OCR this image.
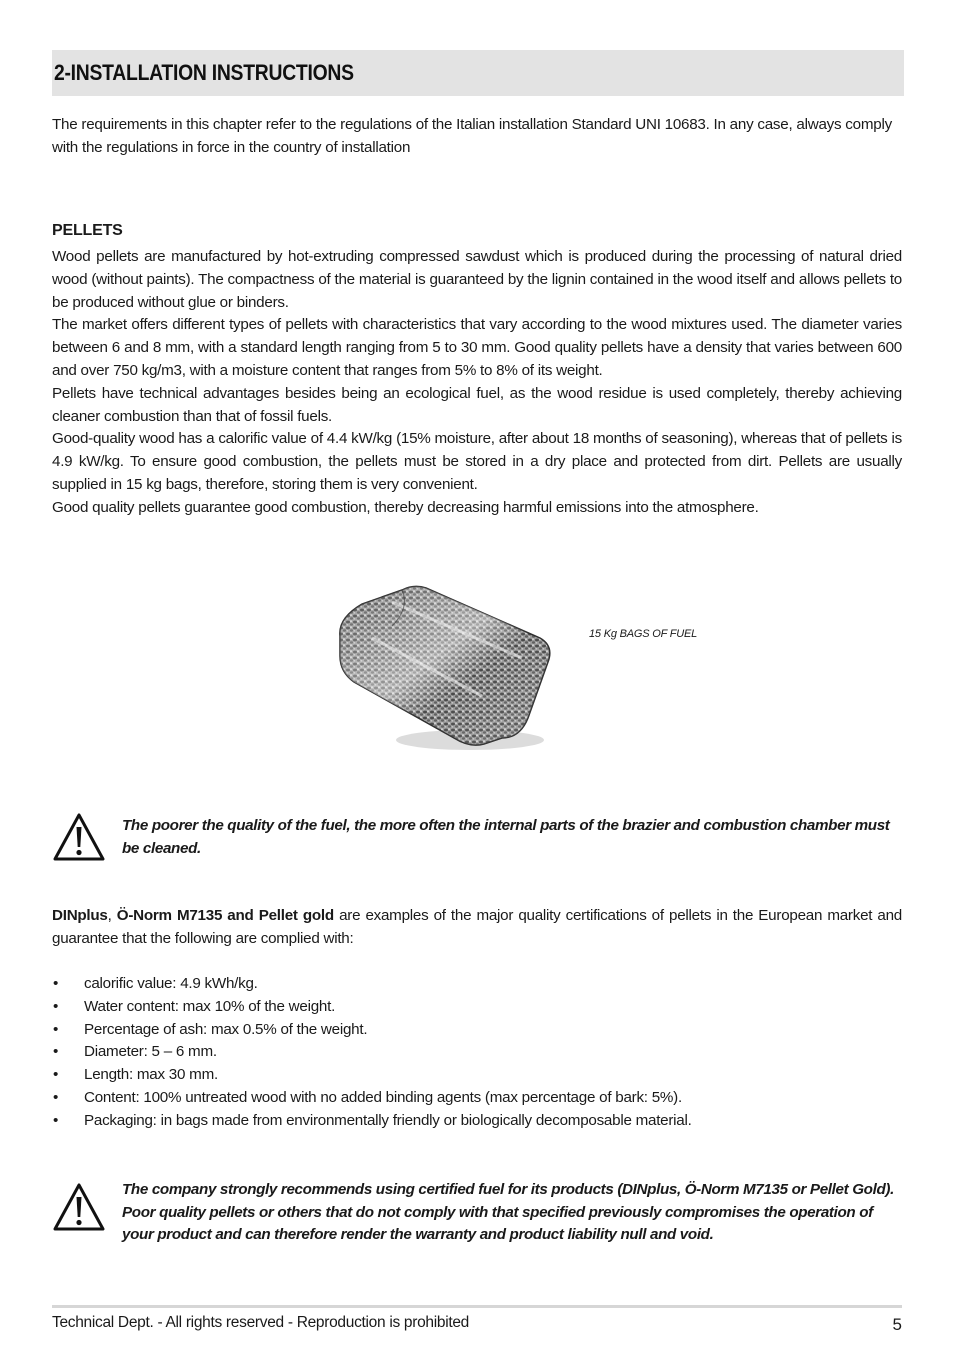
2-INSTALLATION INSTRUCTIONS
The requirements in this chapter refer to the regulations of the Italian installation Standard UNI 10683. In any case, always comply with the regulations in force in the country of installation
PELLETS

Wood pellets are manufactured by hot-extruding compressed sawdust which is produced during the processing of natural dried wood (without paints). The compactness of the material is guaranteed by the lignin contained in the wood itself and allows pellets to be produced without glue or binders.

The market offers different types of pellets with characteristics that vary according to the wood mixtures used. The diameter varies between 6 and 8 mm, with a standard length ranging from 5 to 30 mm. Good quality pellets have a density that varies between 600 and over 750 kg/m3, with a moisture content that ranges from 5% to 8% of its weight.

Pellets have technical advantages besides being an ecological fuel, as the wood residue is used completely, thereby achieving cleaner combustion than that of fossil fuels.

Good-quality wood has a calorific value of 4.4 kW/kg (15% moisture, after about 18 months of seasoning), whereas that of pellets is 4.9 kW/kg. To ensure good combustion, the pellets must be stored in a dry place and protected from dirt. Pellets are usually supplied in 15 kg bags, therefore, storing them is very convenient.

Good quality pellets guarantee good combustion, thereby decreasing harmful emissions into the atmosphere.

15 Kg BAGS OF FUEL

The poorer the quality of the fuel, the more often the internal parts of the brazier and combustion chamber must be cleaned.

DINplus, Ö-Norm M7135 and Pellet gold are examples of the major quality certifications of pellets in the European market and guarantee that the following are complied with:

• calorific value: 4.9 kWh/kg.
• Water content: max 10% of the weight.
• Percentage of ash: max 0.5% of the weight.
• Diameter: 5 – 6 mm.
• Length: max 30 mm.
• Content: 100% untreated wood with no added binding agents (max percentage of bark: 5%).
• Packaging: in bags made from environmentally friendly or biologically decomposable material.

The company strongly recommends using certified fuel for its products (DINplus, Ö-Norm M7135 or Pellet Gold). Poor quality pellets or others that do not comply with that specified previously compromises the operation of your product and can therefore render the warranty and product liability null and void.

Technical Dept. - All rights reserved - Reproduction is prohibited	5
